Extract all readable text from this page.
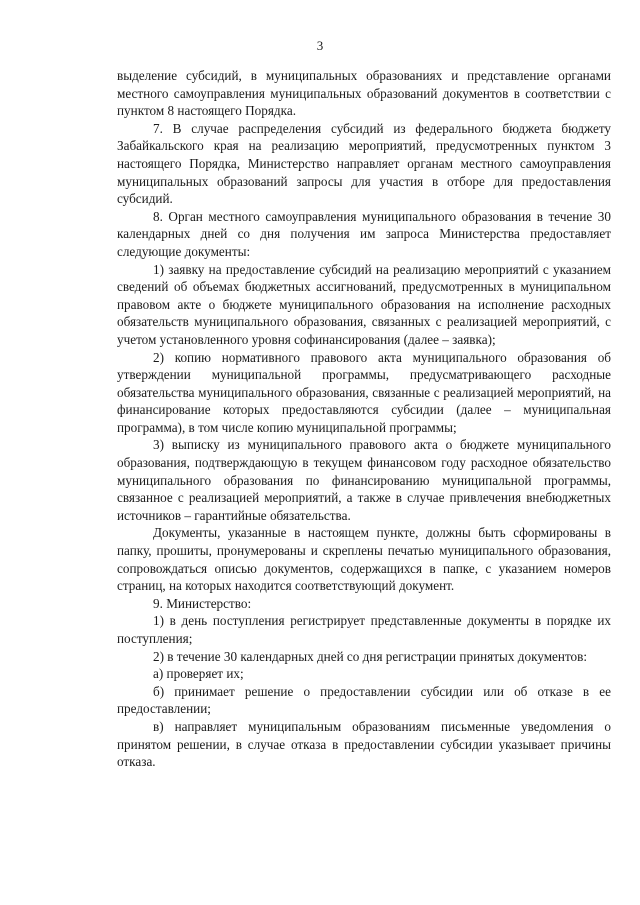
3

выделение субсидий, в муниципальных образованиях и представление органами местного самоуправления муниципальных образований документов в соответствии с пунктом 8 настоящего Порядка.

7. В случае распределения субсидий из федерального бюджета бюджету Забайкальского края на реализацию мероприятий, предусмотренных пунктом 3 настоящего Порядка, Министерство направляет органам местного самоуправления муниципальных образований запросы для участия в отборе для предоставления субсидий.

8. Орган местного самоуправления муниципального образования в течение 30 календарных дней со дня получения им запроса Министерства предоставляет следующие документы:

1) заявку на предоставление субсидий на реализацию мероприятий с указанием сведений об объемах бюджетных ассигнований, предусмотренных в муниципальном правовом акте о бюджете муниципального образования на исполнение расходных обязательств муниципального образования, связанных с реализацией мероприятий, с учетом установленного уровня софинансирования (далее – заявка);

2) копию нормативного правового акта муниципального образования об утверждении муниципальной программы, предусматривающего расходные обязательства муниципального образования, связанные с реализацией мероприятий, на финансирование которых предоставляются субсидии (далее – муниципальная программа), в том числе копию муниципальной программы;

3) выписку из муниципального правового акта о бюджете муниципального образования, подтверждающую в текущем финансовом году расходное обязательство муниципального образования по финансированию муниципальной программы, связанное с реализацией мероприятий, а также в случае привлечения внебюджетных источников – гарантийные обязательства.

Документы, указанные в настоящем пункте, должны быть сформированы в папку, прошиты, пронумерованы и скреплены печатью муниципального образования, сопровождаться описью документов, содержащихся в папке, с указанием номеров страниц, на которых находится соответствующий документ.

9. Министерство:

1) в день поступления регистрирует представленные документы в порядке их поступления;

2) в течение 30 календарных дней со дня регистрации принятых документов:

а) проверяет их;

б) принимает решение о предоставлении субсидии или об отказе в ее предоставлении;

в) направляет муниципальным образованиям письменные уведомления о принятом решении, в случае отказа в предоставлении субсидии указывает причины отказа.
